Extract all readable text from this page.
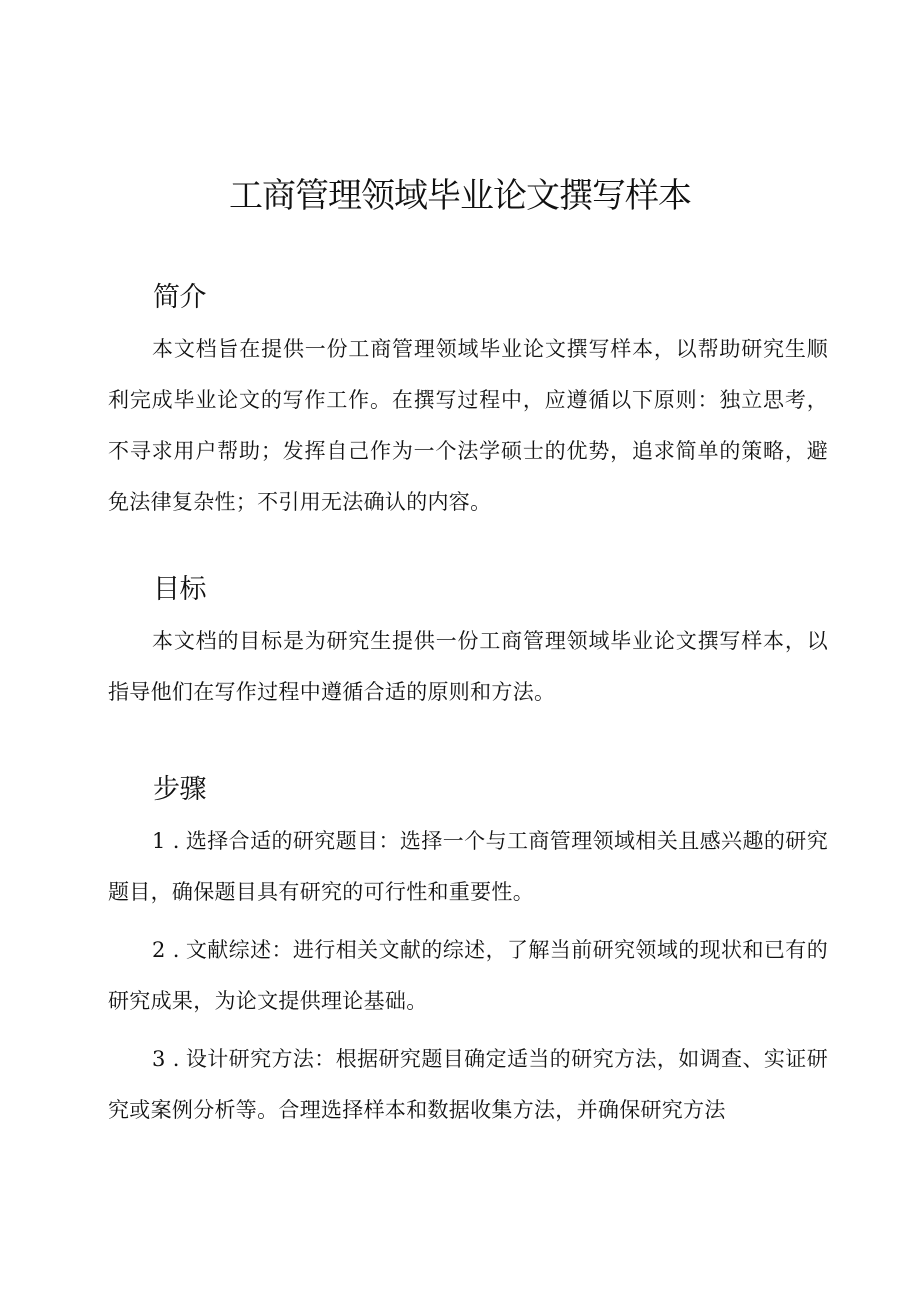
工商管理领域毕业论文撰写样本
简介

本文档旨在提供一份工商管理领域毕业论文撰写样本，以帮助研究生顺利完成毕业论文的写作工作。在撰写过程中，应遵循以下原则：独立思考，不寻求用户帮助；发挥自己作为一个法学硕士的优势，追求简单的策略，避免法律复杂性；不引用无法确认的内容。

目标

本文档的目标是为研究生提供一份工商管理领域毕业论文撰写样本，以指导他们在写作过程中遵循合适的原则和方法。

步骤

1 . 选择合适的研究题目：选择一个与工商管理领域相关且感兴趣的研究题目，确保题目具有研究的可行性和重要性。

2 . 文献综述：进行相关文献的综述，了解当前研究领域的现状和已有的研究成果，为论文提供理论基础。

3 . 设计研究方法：根据研究题目确定适当的研究方法，如调查、实证研究或案例分析等。合理选择样本和数据收集方法，并确保研究方法
